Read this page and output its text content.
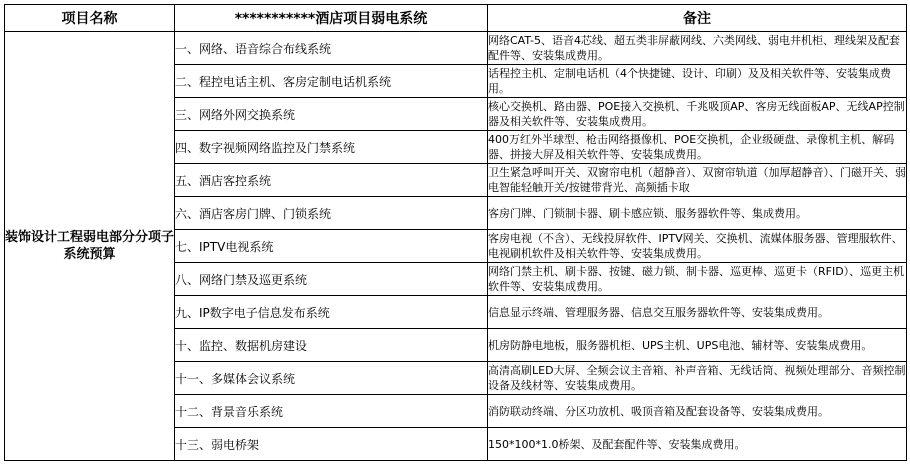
项目名称	***********酒店项目弱电系统	备注
装饰设计工程弱电部分分项子系统预算	一、网络、语音综合布线系统	网络CAT-5、语音4芯线、超五类非屏蔽网线、六类网线、弱电井机柜、理线架及配套配件等、安装集成费用。
	二、程控电话主机、客房定制电话机系统	话程控主机、定制电话机（4个快捷键、设计、印刷）及及相关软件等、安装集成费用。
	三、网络外网交换系统	核心交换机、路由器、POE接入交换机、千兆吸顶AP、客房无线面板AP、无线AP控制器及相关软件等、安装集成费用。
	四、数字视频网络监控及门禁系统	400万红外半球型、枪击网络摄像机、POE交换机，企业级硬盘、录像机主机、解码器、拼接大屏及相关软件等、安装集成费用。
	五、酒店客控系统	卫生紧急呼叫开关、双窗帘电机（超静音）、双窗帘轨道（加厚超静音）、门磁开关、弱电智能轻触开关/按键带背光、高频插卡取
	六、酒店客房门牌、门锁系统	客房门牌、门锁制卡器、刷卡感应锁、服务器软件等、集成费用。
	七、IPTV电视系统	客房电视（不含）、无线投屏软件、IPTV网关、交换机、流媒体服务器、管理服软件、电视刷机软件及相关软件等、安装集成费用。
	八、网络门禁及巡更系统	网络门禁主机、刷卡器、按键、磁力锁、制卡器、巡更棒、巡更卡（RFID）、巡更主机软件等、安装集成费用。
	九、IP数字电子信息发布系统	信息显示终端、管理服务器、信息交互服务器软件等、安装集成费用。
	十、监控、数据机房建设	机房防静电地板，服务器机柜、UPS主机、UPS电池、辅材等、安装集成费用。
	十一、多媒体会议系统	高清高刷LED大屏、全频会议主音箱、补声音箱、无线话筒、视频处理部分、音频控制设备及线材等、安装集成费用。
	十二、背景音乐系统	消防联动终端、分区功放机、吸顶音箱及配套设备等、安装集成费用。
	十三、弱电桥架	150*100*1.0桥架、及配套配件等、安装集成费用。
